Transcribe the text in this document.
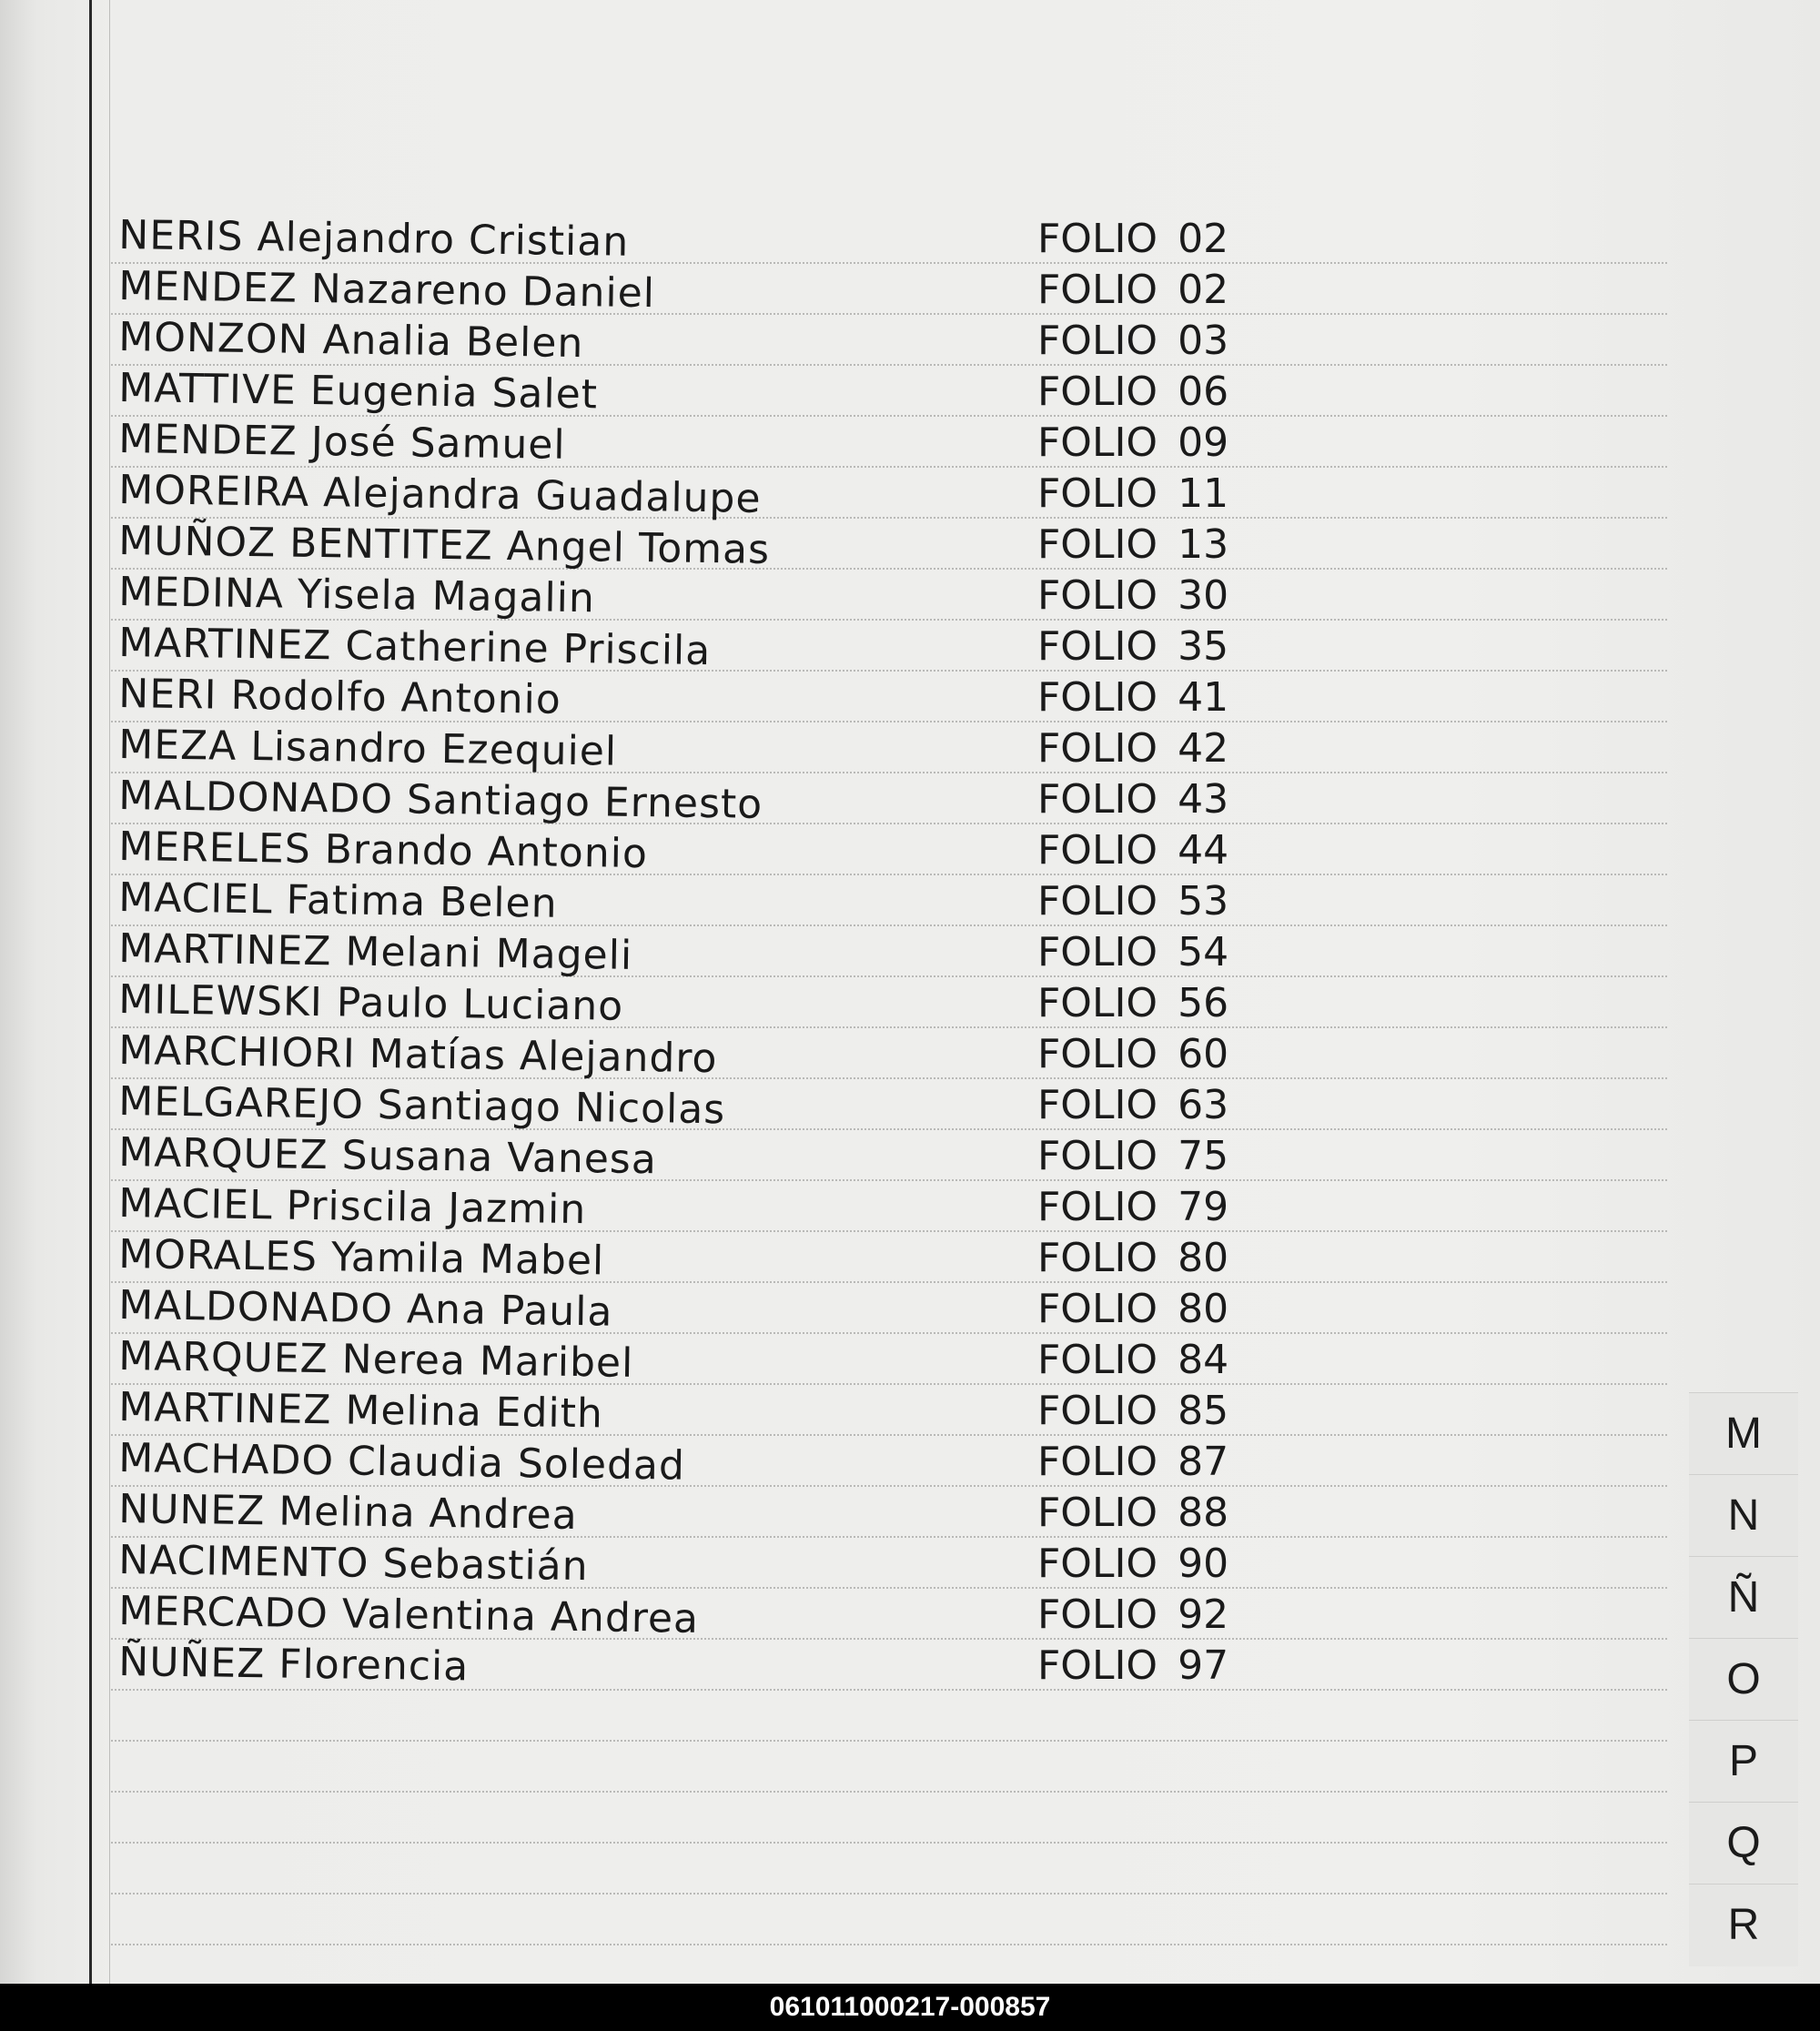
NERIS Alejandro Cristian	FOLIO 02
MENDEZ Nazareno Daniel	FOLIO 02
MONZON Analia Belen	FOLIO 03
MATTIVE Eugenia Salet	FOLIO 06
MENDEZ José Samuel	FOLIO 09
MOREIRA Alejandra Guadalupe	FOLIO 11
MUÑOZ BENTITEZ Angel Tomas	FOLIO 13
MEDINA Yisela Magalin	FOLIO 30
MARTINEZ Catherine Priscila	FOLIO 35
NERI Rodolfo Antonio	FOLIO 41
MEZA Lisandro Ezequiel	FOLIO 42
MALDONADO Santiago Ernesto	FOLIO 43
MERELES Brando Antonio	FOLIO 44
MACIEL Fatima Belen	FOLIO 53
MARTINEZ Melani Mageli	FOLIO 54
MILEWSKI Paulo Luciano	FOLIO 56
MARCHIORI Matías Alejandro	FOLIO 60
MELGAREJO Santiago Nicolas	FOLIO 63
MARQUEZ Susana Vanesa	FOLIO 75
MACIEL Priscila Jazmin	FOLIO 79
MORALES Yamila Mabel	FOLIO 80
MALDONADO Ana Paula	FOLIO 80
MARQUEZ Nerea Maribel	FOLIO 84
MARTINEZ Melina Edith	FOLIO 85
MACHADO Claudia Soledad	FOLIO 87
NUNEZ Melina Andrea	FOLIO 88
NACIMENTO Sebastián	FOLIO 90
MERCADO Valentina Andrea	FOLIO 92
ÑUÑEZ Florencia	FOLIO 97
M
N
Ñ
O
P
Q
R
061011000217-000857
